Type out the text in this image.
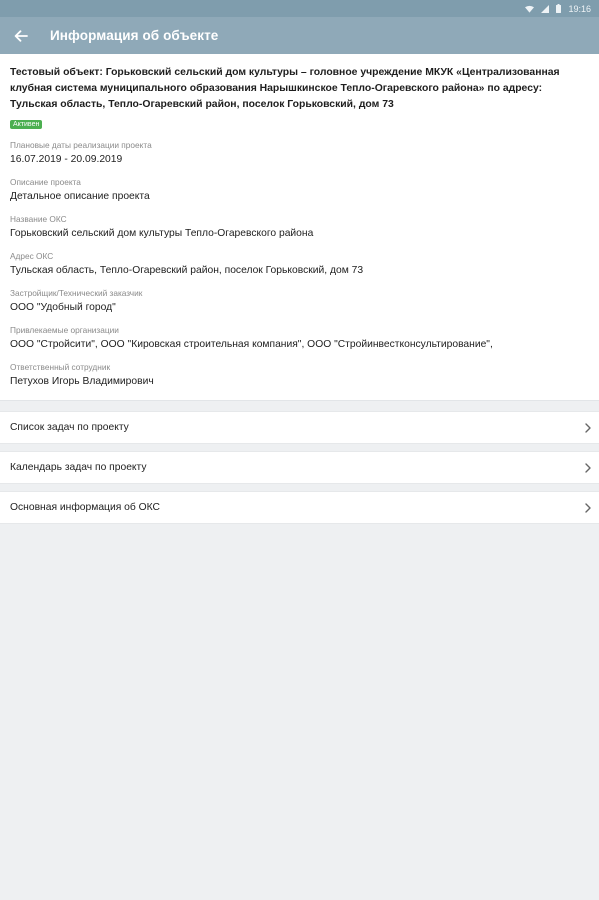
19:16
Информация об объекте
Тестовый объект: Горьковский сельский дом культуры – головное учреждение МКУК «Централизованная клубная система муниципального образования Нарышкинское Тепло-Огаревского района» по адресу: Тульская область, Тепло-Огаревский район, поселок Горьковский, дом 73
Активен
Плановые даты реализации проекта
16.07.2019 - 20.09.2019
Описание проекта
Детальное описание проекта
Название ОКС
Горьковский сельский дом культуры Тепло-Огаревского района
Адрес ОКС
Тульская область, Тепло-Огаревский район, поселок Горьковский, дом 73
Застройщик/Технический заказчик
ООО "Удобный город"
Привлекаемые организации
ООО "Стройсити", ООО "Кировская строительная компания", ООО "Стройинвестконсультирование",
Ответственный сотрудник
Петухов Игорь Владимирович
Список задач по проекту
Календарь задач по проекту
Основная информация об ОКС
